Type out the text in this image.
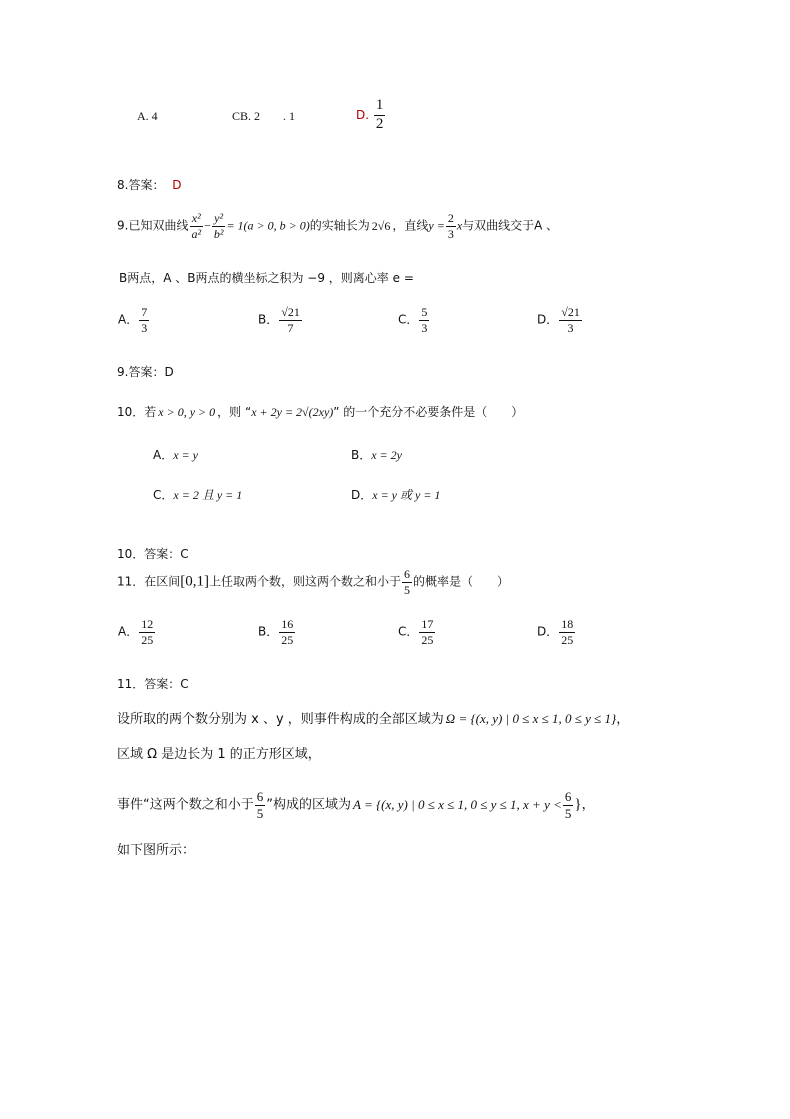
A. 4	CB. 2 . 1	D. $\frac{1}{2}$
8.答案： D
9.已知双曲线 $\frac{\text{x²}}{\text{a²}} - \frac{\text{y²}}{\text{b²}} = 1(a > 0$, b > 0)的实轴长为 2√6 ，直线$y = \frac{2}{3}$ x与双曲线交于A 、
B两点，A 、B两点的横坐标之积为 −9 ，则离心率 e =
A． $\frac{7}{3}$	B． $\frac{√21}{7}$	C． $\frac{5}{3}$	D． $\frac{√21}{3}$
9.答案：D
10．若 x > 0, y > 0 ，则 “x + 2y = 2√(2xy)” 的一个充分不必要条件是（　　）
A．x = y	B．x = 2y
C．x = 2 且 y = 1	D．x = y 或 y = 1
10．答案：C
11．在区间[0,1]上任取两个数，则这两个数之和小于 $\frac{6}{5}$ 的概率是（　　）
A． $\frac{12}{25}$	B． $\frac{16}{25}$	C． $\frac{17}{25}$	D． $\frac{18}{25}$
11．答案：C
设所取的两个数分别为 x 、y ，则事件构成的全部区域为 Ω = {(x, y) | 0 ≤ x ≤ 1, 0 ≤ y ≤ 1}，
区域 Ω 是边长为 1 的正方形区域，
事件“这两个数之和小于 $\frac{6}{5}$ ”构成的区域为 A = {(x, y) | 0 ≤ x ≤ 1, 0 ≤ y ≤ 1, $x + y < \frac{6}{5}$ }，
如下图所示：
